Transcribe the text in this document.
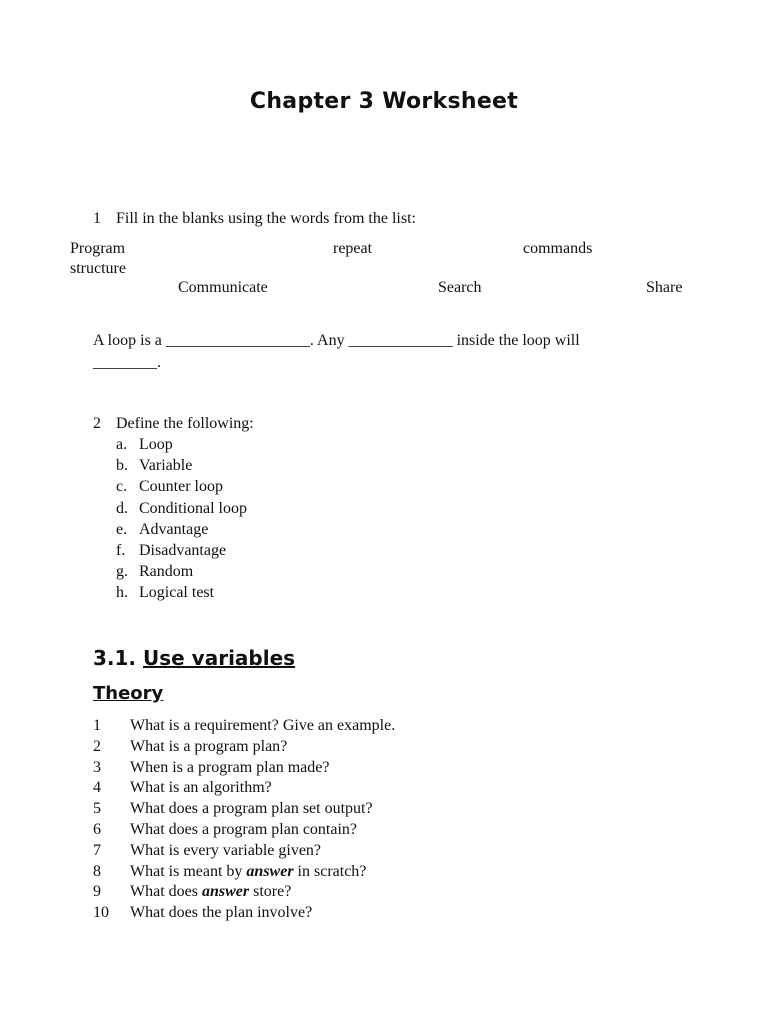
Chapter 3 Worksheet
1 Fill in the blanks using the words from the list:
Program	repeat	commands
structure
Communicate	Search	Share
A loop is a __________________. Any _____________ inside the loop will
________.
2 Define the following:
a. Loop
b. Variable
c. Counter loop
d. Conditional loop
e. Advantage
f. Disadvantage
g. Random
h. Logical test
3.1. Use variables
Theory
1 What is a requirement? Give an example.
2 What is a program plan?
3 When is a program plan made?
4 What is an algorithm?
5 What does a program plan set output?
6 What does a program plan contain?
7 What is every variable given?
8 What is meant by answer in scratch?
9 What does answer store?
10 What does the plan involve?
